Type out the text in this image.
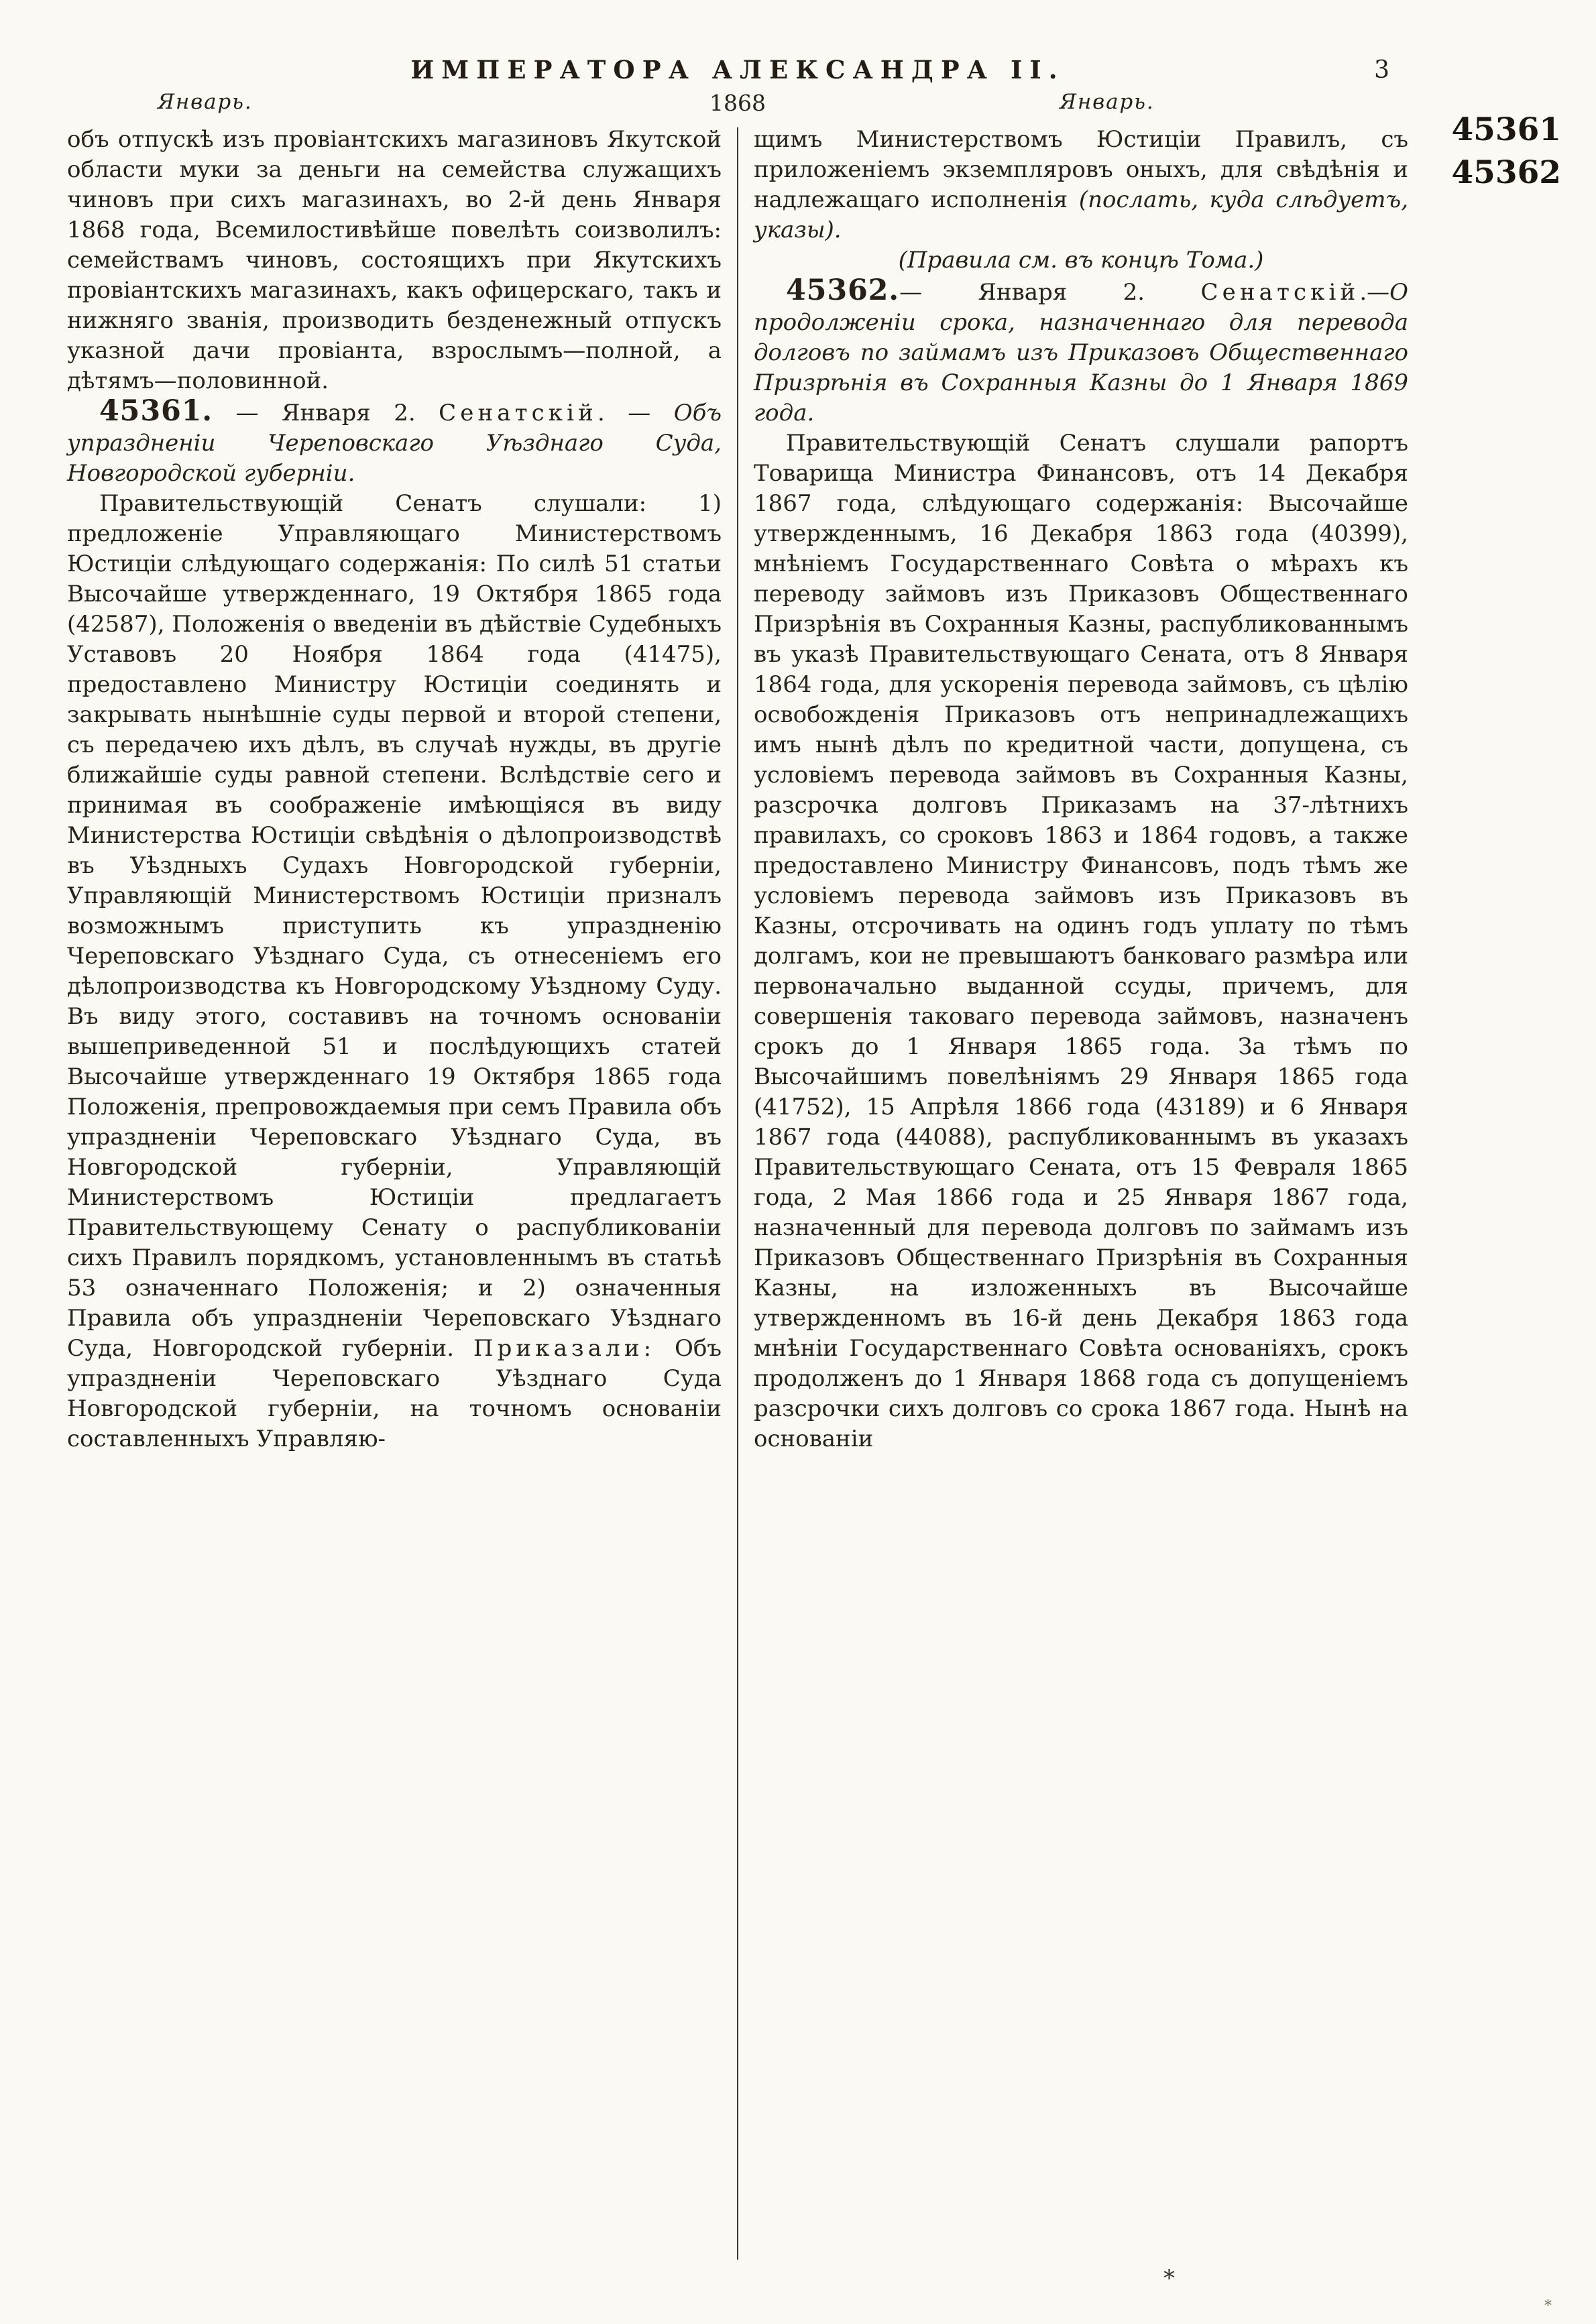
ИМПЕРАТОРА АЛЕКСАНДРА II.	3
Январь.	1868	Январь.

объ отпускѣ изъ провіантскихъ магазиновъ Якутской области муки за деньги на семейства служащихъ чиновъ при сихъ магазинахъ, во 2-й день Января 1868 года, Всемилостивѣйше повелѣть соизволилъ: семействамъ чиновъ, состоящихъ при Якутскихъ провіантскихъ магазинахъ, какъ офицерскаго, такъ и нижняго званія, производить безденежный отпускъ указной дачи провіанта, взрослымъ—полной, а дѣтямъ—половинной.

45361. — Января 2. Сенатскій. — Объ упраздненіи Череповскаго Уѣзднаго Суда, Новгородской губерніи.

Правительствующій Сенатъ слушали: 1) предложеніе Управляющаго Министерствомъ Юстиціи слѣдующаго содержанія: По силѣ 51 статьи Высочайше утвержденнаго, 19 Октября 1865 года (42587), Положенія о введеніи въ дѣйствіе Судебныхъ Уставовъ 20 Ноября 1864 года (41475), предоставлено Министру Юстиціи соединять и закрывать нынѣшніе суды первой и второй степени, съ передачею ихъ дѣлъ, въ случаѣ нужды, въ другіе ближайшіе суды равной степени. Вслѣдствіе сего и принимая въ соображеніе имѣющіяся въ виду Министерства Юстиціи свѣдѣнія о дѣлопроизводствѣ въ Уѣздныхъ Судахъ Новгородской губерніи, Управляющій Министерствомъ Юстиціи призналъ возможнымъ приступить къ упраздненію Череповскаго Уѣзднаго Суда, съ отнесеніемъ его дѣлопроизводства къ Новгородскому Уѣздному Суду. Въ виду этого, составивъ на точномъ основаніи вышеприведенной 51 и послѣдующихъ статей Высочайше утвержденнаго 19 Октября 1865 года Положенія, препровождаемыя при семъ Правила объ упраздненіи Череповскаго Уѣзднаго Суда, въ Новгородской губерніи, Управляющій Министерствомъ Юстиціи предлагаетъ Правительствующему Сенату о распубликованіи сихъ Правилъ порядкомъ, установленнымъ въ статьѣ 53 означеннаго Положенія; и 2) означенныя Правила объ упраздненіи Череповскаго Уѣзднаго Суда, Новгородской губерніи. Приказали: Объ упраздненіи Череповскаго Уѣзднаго Суда Новгородской губерніи, на точномъ основаніи составленныхъ Управляю-

щимъ Министерствомъ Юстиціи Правилъ, съ приложеніемъ экземпляровъ оныхъ, для свѣдѣнія и надлежащаго исполненія (послать, куда слѣдуетъ, указы).

(Правила см. въ концѣ Тома.)

45362.— Января 2. Сенатскій.—О продолженіи срока, назначеннаго для перевода долговъ по займамъ изъ Приказовъ Общественнаго Призрѣнія въ Сохранныя Казны до 1 Января 1869 года.

Правительствующій Сенатъ слушали рапортъ Товарища Министра Финансовъ, отъ 14 Декабря 1867 года, слѣдующаго содержанія: Высочайше утвержденнымъ, 16 Декабря 1863 года (40399), мнѣніемъ Государственнаго Совѣта о мѣрахъ къ переводу займовъ изъ Приказовъ Общественнаго Призрѣнія въ Сохранныя Казны, распубликованнымъ въ указѣ Правительствующаго Сената, отъ 8 Января 1864 года, для ускоренія перевода займовъ, съ цѣлію освобожденія Приказовъ отъ непринадлежащихъ имъ нынѣ дѣлъ по кредитной части, допущена, съ условіемъ перевода займовъ въ Сохранныя Казны, разсрочка долговъ Приказамъ на 37-лѣтнихъ правилахъ, со сроковъ 1863 и 1864 годовъ, а также предоставлено Министру Финансовъ, подъ тѣмъ же условіемъ перевода займовъ изъ Приказовъ въ Казны, отсрочивать на одинъ годъ уплату по тѣмъ долгамъ, кои не превышаютъ банковаго размѣра или первоначально выданной ссуды, причемъ, для совершенія таковаго перевода займовъ, назначенъ срокъ до 1 Января 1865 года. За тѣмъ по Высочайшимъ повелѣніямъ 29 Января 1865 года (41752), 15 Апрѣля 1866 года (43189) и 6 Января 1867 года (44088), распубликованнымъ въ указахъ Правительствующаго Сената, отъ 15 Февраля 1865 года, 2 Мая 1866 года и 25 Января 1867 года, назначенный для перевода долговъ по займамъ изъ Приказовъ Общественнаго Призрѣнія въ Сохранныя Казны, на изложенныхъ въ Высочайше утвержденномъ въ 16-й день Декабря 1863 года мнѣніи Государственнаго Совѣта основаніяхъ, срокъ продолженъ до 1 Января 1868 года съ допущеніемъ разсрочки сихъ долговъ со срока 1867 года. Нынѣ на основаніи

45361
45362
*
*
